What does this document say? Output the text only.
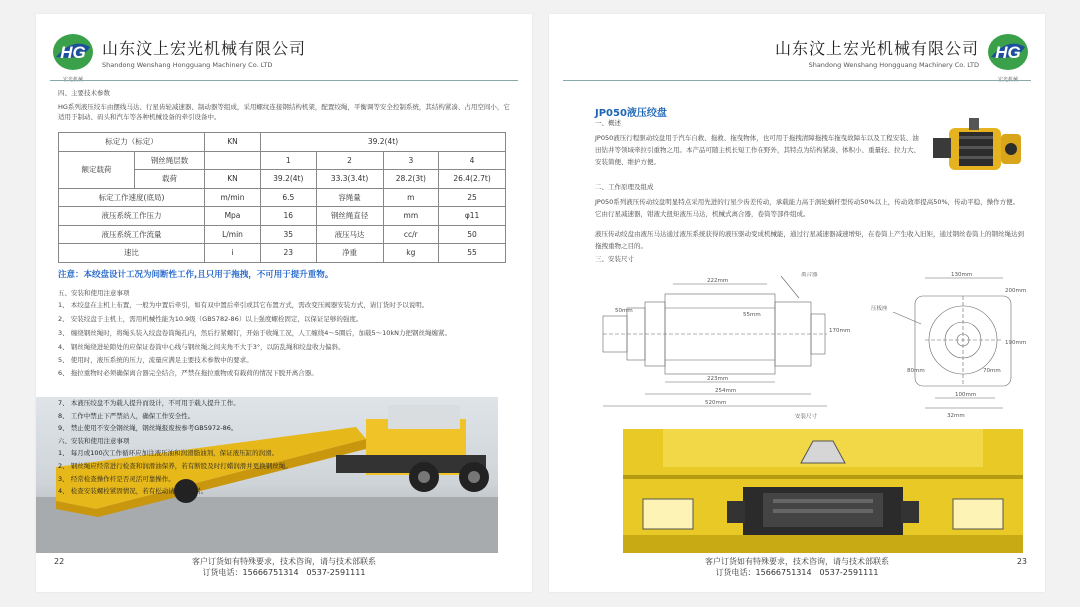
HG 山东汶上宏光机械有限公司
Shandong Wenshang Hongguang Machinery Co. LTD
四、主要技术参数
HG系列液压绞车由摆线马达、行星齿轮减速器、制动器等组成，采用螺纹连接钢结构机架，配置绞绳，平衡调等安全控制系统，其结构紧凑、占用空间小，它适用于制动、码头和汽车等各种机械设备的牵引设备中。
标定力（标定）		KN	39.2(4t)			
额定载荷	钢丝绳层数		1	2	3	4
	载荷	KN	39.2(4t)	33.3(3.4t)	28.2(3t)	26.4(2.7t)
标定工作速度(底局)		m/min	6.5	容绳量	m	25
液压系统工作压力		Mpa	16	钢丝绳直径	mm	φ11
液压系统工作流量		L/min	35	液压马达	cc/r	50
速比		i	23	净重	kg	55
注意：本绞盘设计工况为间断性工作,且只用于拖拽，不可用于提升重物。
五、安装和使用注意事项
1、 本绞盘在主机上布置，一般为中置后牵引，如有双中置后牵引或其它布置方式，需改变压阀器安装方式，请订货时予以说明。
2、 安装绞盘于主机上，需用机械性能为10.9级（GB5782-86）以上强度螺栓固定，以保证足够的强度。
3、 缠绕钢丝绳时，将绳头装入绞盘卷筒绳孔内，然后拧紧螺钉，开始于收绳工况，人工缠绕4～5圈后，加载5～10kN力把钢丝绳缠紧。
4、 钢丝绳绕进轮隙处的应保证卷筒中心线与钢丝绳之间夹角不大于3°，以防乱绳和绞盘收力偏斜。
5、 使用时，液压系统的压力，流量应满足主要技术参数中的要求。
6、 拖拉重物时必须确保离合器完全结合，严禁在拖拉重物或有载荷的情况下脱开离合器。
7、 本液压绞盘不为载人提升而设计，不可用于载人提升工作。
8、 工作中禁止下严禁站人，确保工作安全性。
9、 禁止使用不安全钢丝绳，钢丝绳报废按参考GB5972-86。
六、安装和使用注意事项
1、 每月或100次工作循环应加注液压油和润滑脂油剂，保证液压缸的润滑。
2、 钢丝绳应经常进行检查和润滑油保养，若有断股及时打蜡润滑并更换钢丝绳。
3、 经常检查操作杆是否灵活可靠操作。
4、 检查安装螺栓紧固情况，若有松动请及时拧紧。
22	客户订货如有特殊要求，技术咨询，请与技术部联系
订货电话：15666751314　0537-2591111
HG
山东汶上宏光机械有限公司
Shandong Wenshang Hongguang Machinery Co. LTD
JP050液压绞盘
一、概述
JP050液压行程驱动绞盘用于汽车自救、拖救、拖曳物体，也可用于拖拽清障拖拽车拖曳故障车以及工程安装、油田钻井等领域牵拉引重物之用。本产品可随主机长短工作在野外，其特点为结构紧凑、体积小、重量轻、拉力大、安装简便、维护方便。
二、工作原理及组成
JP050系列液压传动绞盘明显特点采用先进的行星少齿差传动，承载能力高于涡轮蜗杆型传动50%以上，传动效率提高50%，传动平稳，操作方便。它由行星减速器，钳液大扭矩液压马达，机械式离合器，卷筒等部件组成。
液压传动绞盘由液压马达通过液压系统获得的液压驱动变成机械能，通过行星减速器减速增矩，在卷筒上产生收入旧矩，通过钢丝卷筒上的钢丝绳达到拖拽重物之目的。
三、安装尺寸
222mm
223mm
254mm
520mm
130mm
100mm
32mm
170mm
50mm
200mm
190mm
80mm	70mm
55mm
离合器
压板座
安装尺寸
23
客户订货如有特殊要求，技术咨询，请与技术部联系
订货电话：15666751314　0537-2591111
